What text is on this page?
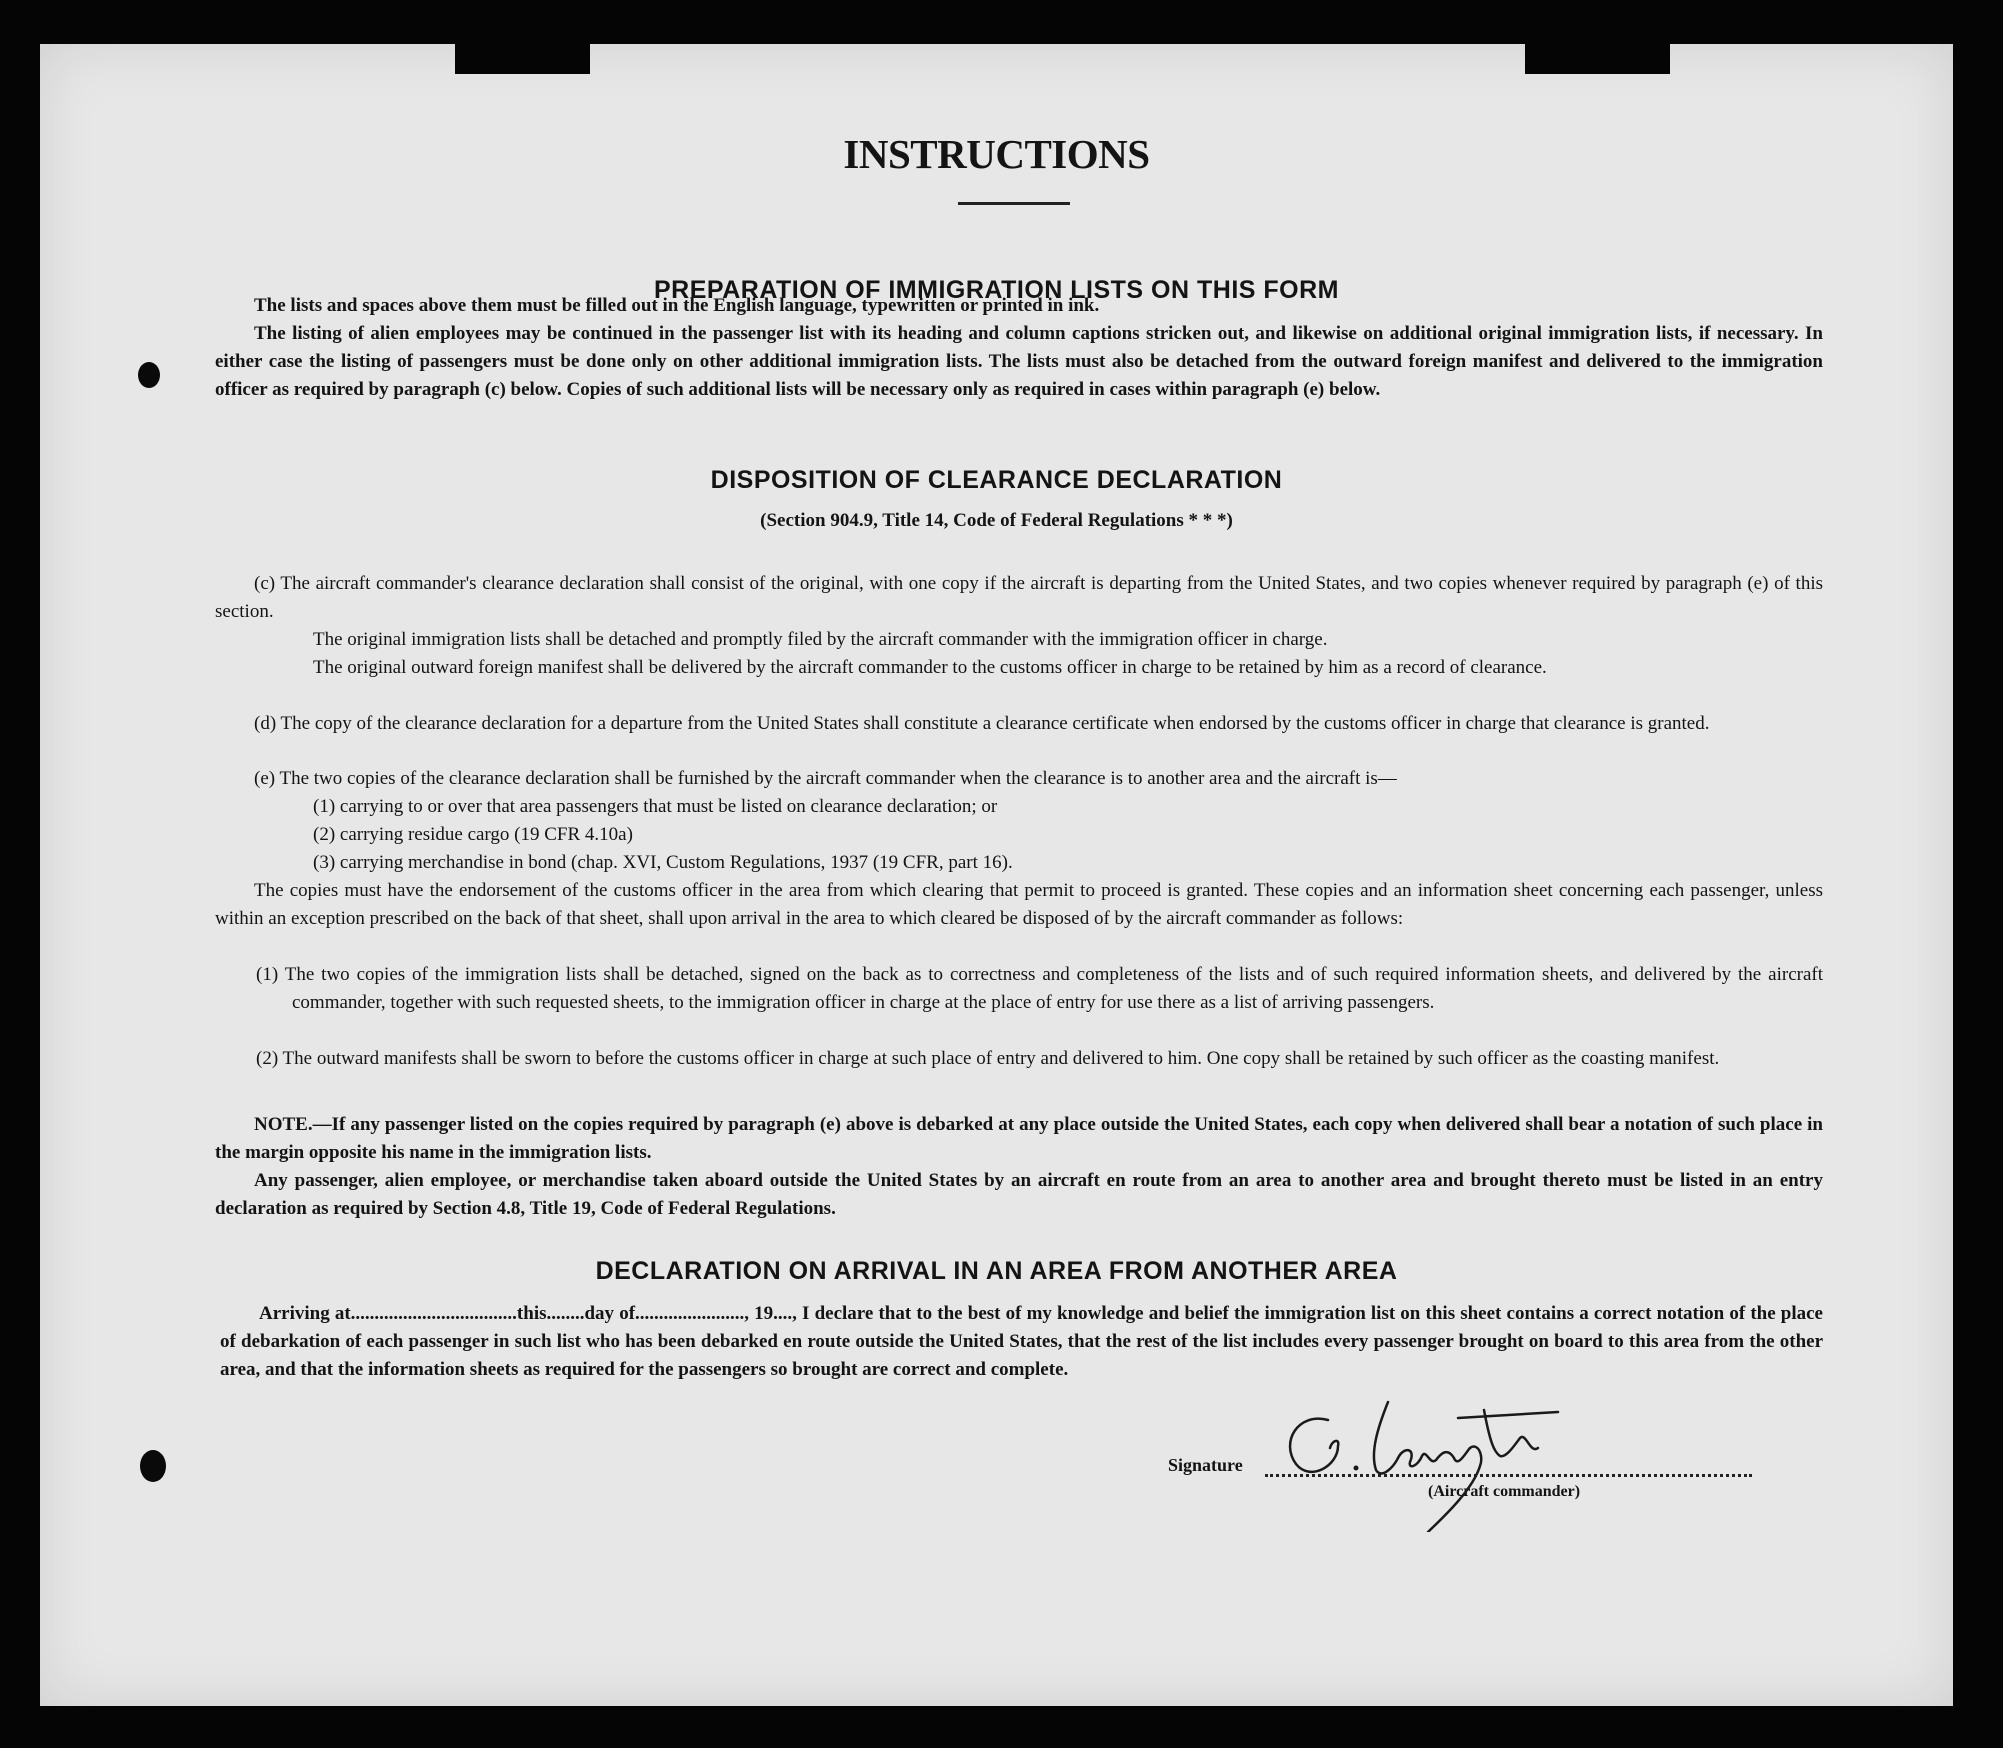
INSTRUCTIONS
PREPARATION OF IMMIGRATION LISTS ON THIS FORM
The lists and spaces above them must be filled out in the English language, typewritten or printed in ink.
The listing of alien employees may be continued in the passenger list with its heading and column captions stricken out, and likewise on additional original immigration lists, if necessary. In either case the listing of passengers must be done only on other additional immigration lists. The lists must also be detached from the outward foreign manifest and delivered to the immigration officer as required by paragraph (c) below. Copies of such additional lists will be necessary only as required in cases within paragraph (e) below.
DISPOSITION OF CLEARANCE DECLARATION
(Section 904.9, Title 14, Code of Federal Regulations * * *)
(c) The aircraft commander's clearance declaration shall consist of the original, with one copy if the aircraft is departing from the United States, and two copies whenever required by paragraph (e) of this section.
The original immigration lists shall be detached and promptly filed by the aircraft commander with the immigration officer in charge.
The original outward foreign manifest shall be delivered by the aircraft commander to the customs officer in charge to be retained by him as a record of clearance.
(d) The copy of the clearance declaration for a departure from the United States shall constitute a clearance certificate when endorsed by the customs officer in charge that clearance is granted.
(e) The two copies of the clearance declaration shall be furnished by the aircraft commander when the clearance is to another area and the aircraft is—
(1) carrying to or over that area passengers that must be listed on clearance declaration; or
(2) carrying residue cargo (19 CFR 4.10a)
(3) carrying merchandise in bond (chap. XVI, Custom Regulations, 1937 (19 CFR, part 16).
The copies must have the endorsement of the customs officer in the area from which clearing that permit to proceed is granted. These copies and an information sheet concerning each passenger, unless within an exception prescribed on the back of that sheet, shall upon arrival in the area to which cleared be disposed of by the aircraft commander as follows:
(1) The two copies of the immigration lists shall be detached, signed on the back as to correctness and completeness of the lists and of such required information sheets, and delivered by the aircraft commander, together with such requested sheets, to the immigration officer in charge at the place of entry for use there as a list of arriving passengers.
(2) The outward manifests shall be sworn to before the customs officer in charge at such place of entry and delivered to him. One copy shall be retained by such officer as the coasting manifest.
NOTE.—If any passenger listed on the copies required by paragraph (e) above is debarked at any place outside the United States, each copy when delivered shall bear a notation of such place in the margin opposite his name in the immigration lists.
Any passenger, alien employee, or merchandise taken aboard outside the United States by an aircraft en route from an area to another area and brought thereto must be listed in an entry declaration as required by Section 4.8, Title 19, Code of Federal Regulations.
DECLARATION ON ARRIVAL IN AN AREA FROM ANOTHER AREA
Arriving at...................................this........day of......................., 19...., I declare that to the best of my knowledge and belief the immigration list on this sheet contains a correct notation of the place of debarkation of each passenger in such list who has been debarked en route outside the United States, that the rest of the list includes every passenger brought on board to this area from the other area, and that the information sheets as required for the passengers so brought are correct and complete.
Signature
(Aircraft commander)
